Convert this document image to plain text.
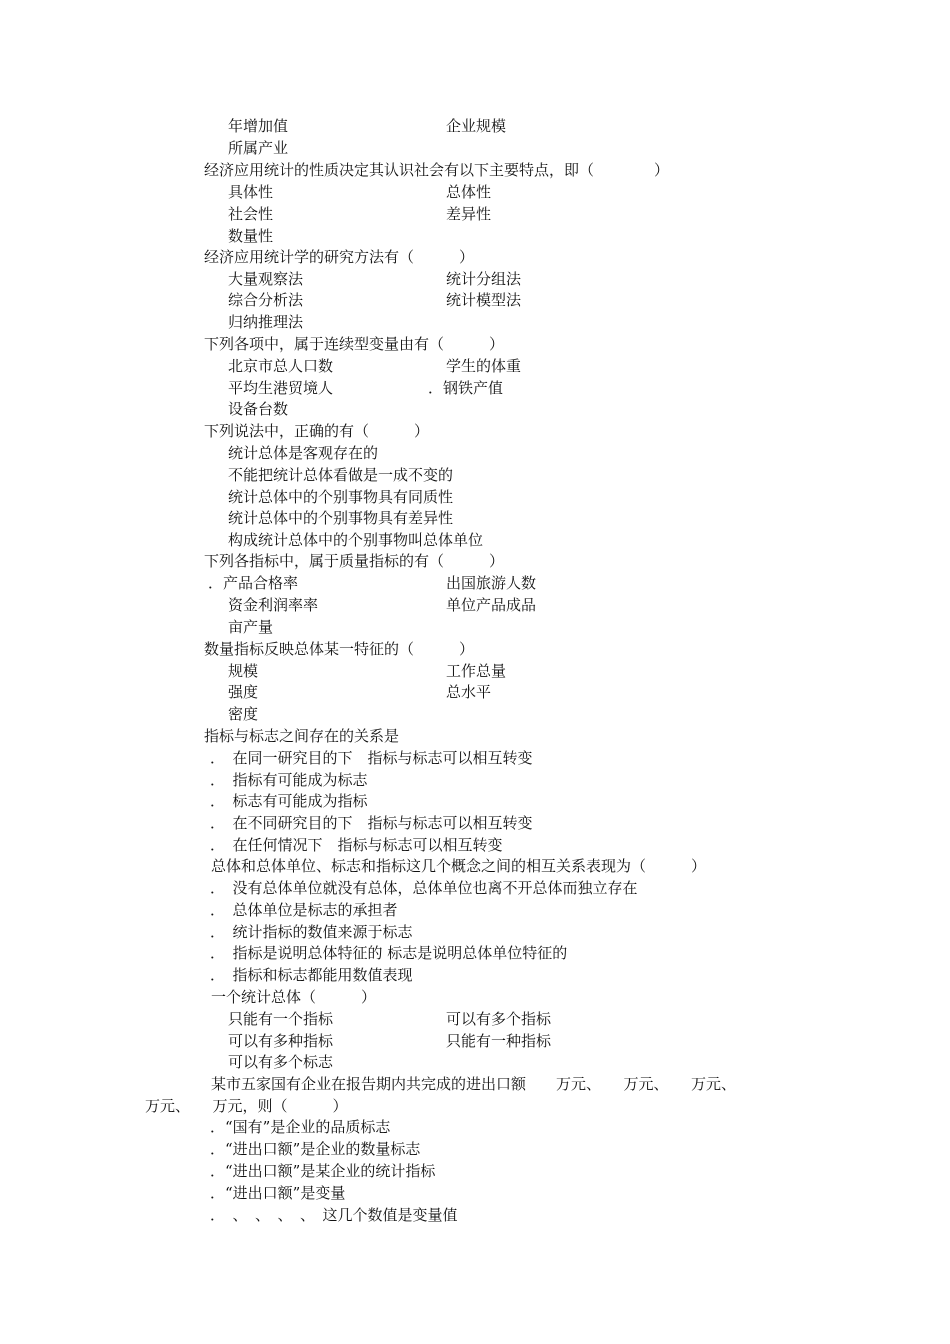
年增加值	企业规模
所属产业
经济应用统计的性质决定其认识社会有以下主要特点，即（　　　　）
具体性	总体性
社会性	差异性
数量性
经济应用统计学的研究方法有（　　　）
大量观察法	统计分组法
综合分析法	统计模型法
归纳推理法
下列各项中，属于连续型变量由有（　　　）
北京市总人口数	学生的体重
平均生港贸境人	．钢铁产值
设备台数
下列说法中，正确的有（　　　）
统计总体是客观存在的
不能把统计总体看做是一成不变的
统计总体中的个别事物具有同质性
统计总体中的个别事物具有差异性
构成统计总体中的个别事物叫总体单位
下列各指标中，属于质量指标的有（　　　）
．产品合格率	出国旅游人数
资金利润率率	单位产品成品
亩产量
数量指标反映总体某一特征的（　　　）
规模	工作总量
强度	总水平
密度
指标与标志之间存在的关系是
．　在同一研究目的下　指标与标志可以相互转变
．　指标有可能成为标志
．　标志有可能成为指标
．　在不同研究目的下　指标与标志可以相互转变
．　在任何情况下　指标与标志可以相互转变
总体和总体单位、标志和指标这几个概念之间的相互关系表现为（　　　）
．　没有总体单位就没有总体，总体单位也离不开总体而独立存在
．　总体单位是标志的承担者
．　统计指标的数值来源于标志
．　指标是说明总体特征的 标志是说明总体单位特征的
．　指标和标志都能用数值表现
一个统计总体（　　　）
只能有一个指标	可以有多个指标
可以有多种指标	只能有一种指标
可以有多个标志
某市五家国有企业在报告期内共完成的进出口额　　万元、　　万元、　　万元、
万元、　　万元，则（　　　）
．“国有”是企业的品质标志
．“进出口额”是企业的数量标志
．“进出口额”是某企业的统计指标
．“进出口额”是变量
．　、　、　、　、　这几个数值是变量值
